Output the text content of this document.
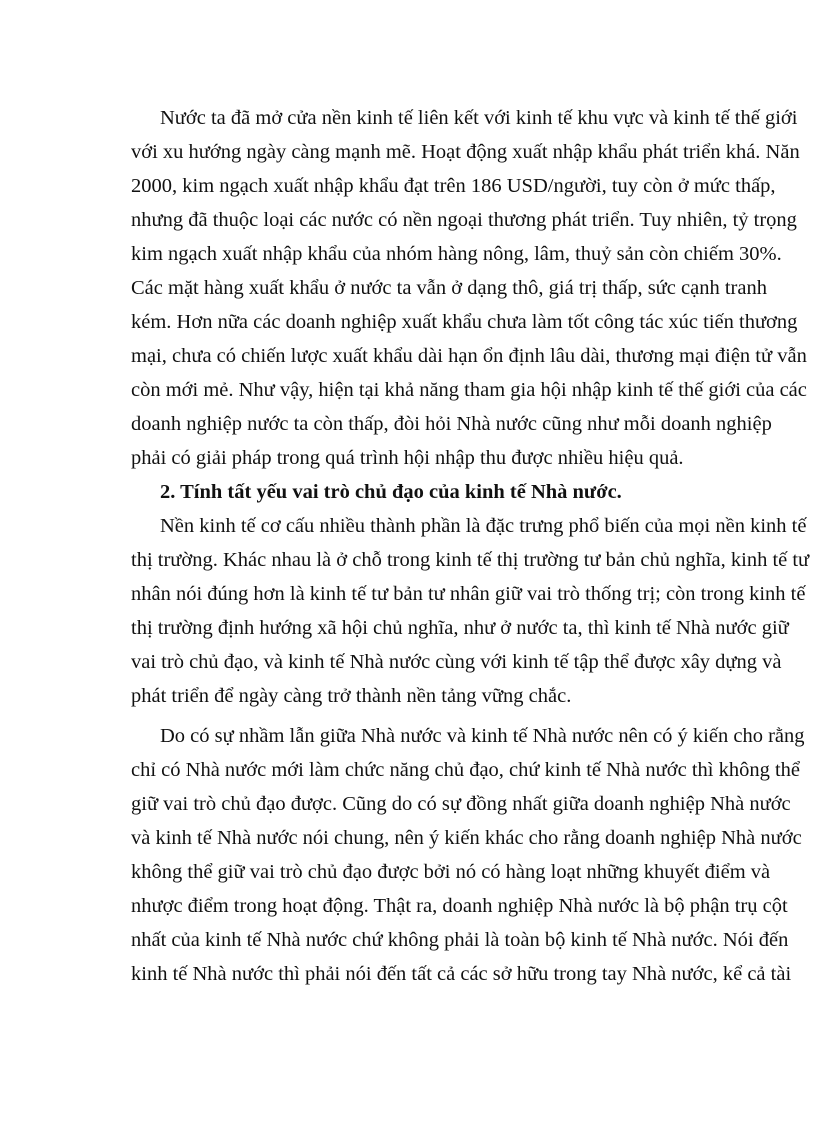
Nước ta đã mở cửa nền kinh tế liên kết với kinh tế khu vực và kinh tế thế giới
với xu hướng ngày càng mạnh mẽ. Hoạt động xuất nhập khẩu phát triển khá. Năn
2000, kim ngạch xuất nhập khẩu đạt trên 186 USD/người, tuy còn ở mức thấp,
nhưng đã thuộc loại các nước có nền ngoại thương phát triển. Tuy nhiên, tỷ trọng
kim ngạch xuất nhập khẩu của nhóm hàng nông, lâm, thuỷ sản còn chiếm 30%.
Các mặt hàng xuất khẩu ở nước ta vẫn ở dạng thô, giá trị thấp, sức cạnh tranh
kém. Hơn nữa các doanh nghiệp xuất khẩu chưa làm tốt công tác xúc tiến thương
mại, chưa có chiến lược xuất khẩu dài hạn ổn định lâu dài, thương mại điện tử vẫn
còn mới mẻ. Như vậy, hiện tại khả năng tham gia hội nhập kinh tế thế giới của các
doanh nghiệp nước ta còn thấp, đòi hỏi Nhà nước cũng như mỗi doanh nghiệp
phải có giải pháp trong quá trình hội nhập thu được nhiều hiệu quả.
2. Tính tất yếu vai trò chủ đạo của kinh tế Nhà nước.
Nền kinh tế cơ cấu nhiều thành phần là đặc trưng phổ biến của mọi nền kinh tế
thị trường. Khác nhau là ở chỗ trong kinh tế thị trường tư bản chủ nghĩa, kinh tế tư
nhân nói đúng hơn là kinh tế tư bản tư nhân giữ vai trò thống trị; còn trong kinh tế
thị trường định hướng xã hội chủ nghĩa, như ở nước ta, thì kinh tế Nhà nước giữ
vai trò chủ đạo, và kinh tế Nhà nước cùng với kinh tế tập thể được xây dựng và
phát triển để ngày càng trở thành nền tảng vững chắc.
Do có sự nhầm lẫn giữa Nhà nước và kinh tế Nhà nước nên có ý kiến cho rằng
chỉ có Nhà nước mới làm chức năng chủ đạo, chứ kinh tế Nhà nước thì không thể
giữ vai trò chủ đạo được. Cũng do có sự đồng nhất giữa doanh nghiệp Nhà nước
và kinh tế Nhà nước nói chung, nên ý kiến khác cho rằng doanh nghiệp Nhà nước
không thể giữ vai trò chủ đạo được bởi nó có hàng loạt những khuyết điểm và
nhược điểm trong hoạt động. Thật ra, doanh nghiệp Nhà nước là bộ phận trụ cột
nhất của kinh tế Nhà nước chứ không phải là toàn bộ kinh tế Nhà nước. Nói đến
kinh tế Nhà nước thì phải nói đến tất cả các sở hữu trong tay Nhà nước, kể cả tài
